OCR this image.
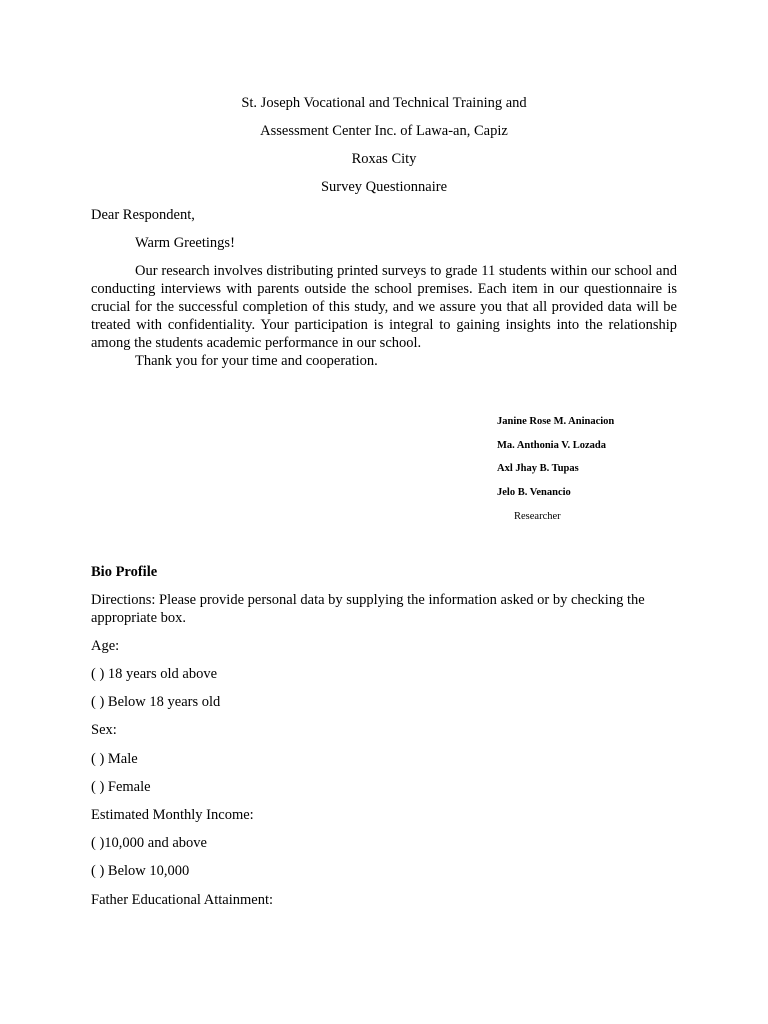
St. Joseph Vocational and Technical Training and

Assessment Center Inc. of Lawa-an, Capiz

Roxas City

Survey Questionnaire

Dear Respondent,

Warm Greetings!

Our research involves distributing printed surveys to grade 11 students within our school and conducting interviews with parents outside the school premises. Each item in our questionnaire is crucial for the successful completion of this study, and we assure you that all provided data will be treated with confidentiality. Your participation is integral to gaining insights into the relationship among the students academic performance in our school.

Thank you for your time and cooperation.

Janine Rose M. Aninacion

Ma. Anthonia V. Lozada

Axl Jhay B. Tupas

Jelo B. Venancio

Researcher

Bio Profile

Directions: Please provide personal data by supplying the information asked or by checking the appropriate box.

Age:

( ) 18 years old above

( ) Below 18 years old

Sex:

( ) Male

( ) Female

Estimated Monthly Income:

( )10,000 and above

( ) Below 10,000

Father Educational Attainment:
